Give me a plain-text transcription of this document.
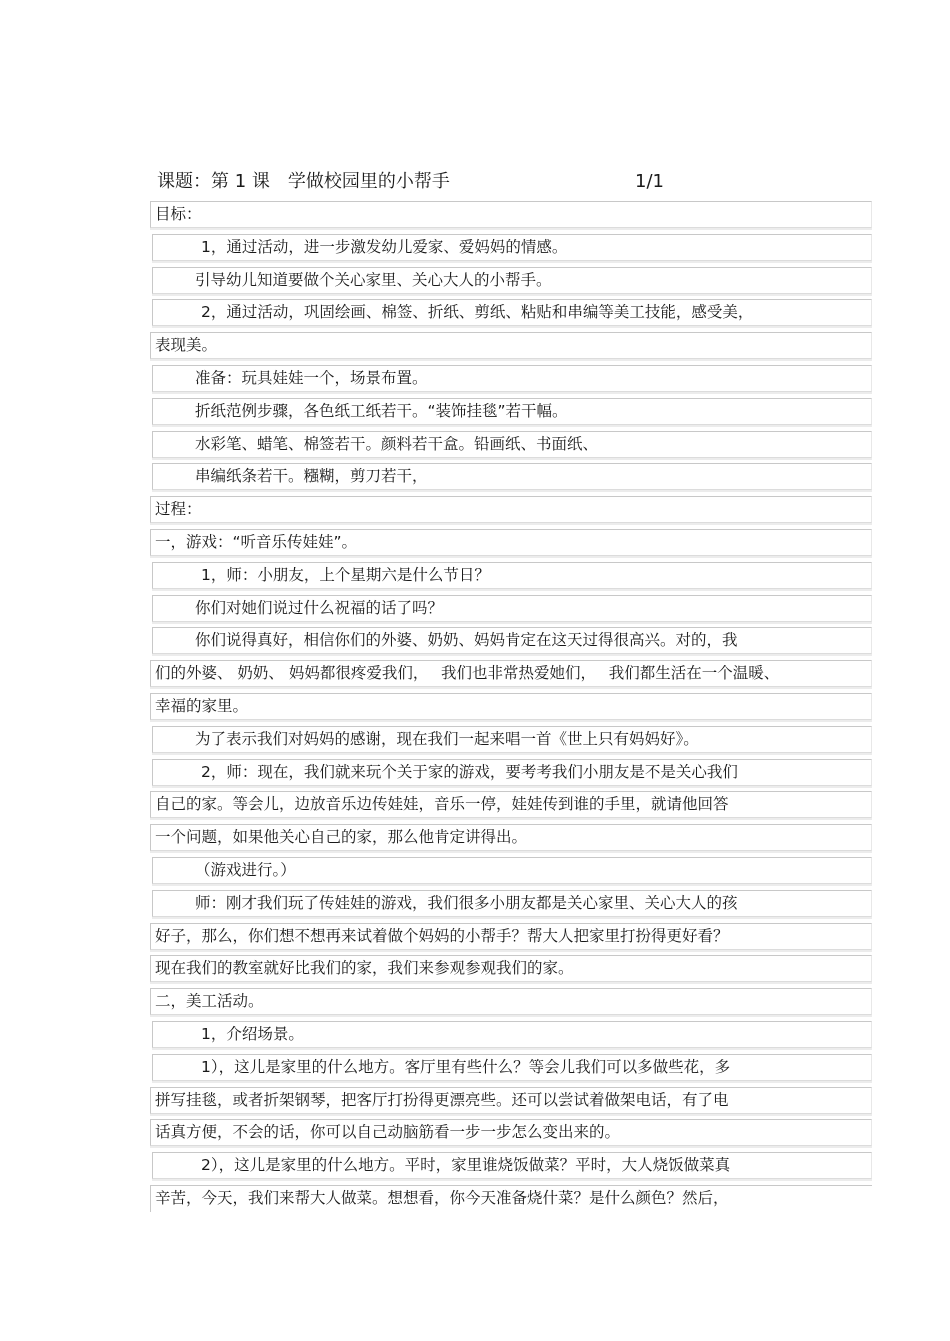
课题：第 1 课　学做校园里的小帮手	1/1
目标：
1，通过活动，进一步激发幼儿爱家、爱妈妈的情感。
引导幼儿知道要做个关心家里、关心大人的小帮手。
2，通过活动，巩固绘画、棉签、折纸、剪纸、粘贴和串编等美工技能，感受美，
表现美。
准备：玩具娃娃一个，场景布置。
折纸范例步骤，各色纸工纸若干。“装饰挂毯”若干幅。
水彩笔、蜡笔、棉签若干。颜料若干盒。铅画纸、书面纸、
串编纸条若干。糨糊，剪刀若干，
过程：
一，游戏：“听音乐传娃娃”。
1，师：小朋友，上个星期六是什么节日？
你们对她们说过什么祝福的话了吗？
你们说得真好，相信你们的外婆、奶奶、妈妈肯定在这天过得很高兴。对的，我
们的外婆、 奶奶、 妈妈都很疼爱我们，　 我们也非常热爱她们，　 我们都生活在一个温暖、
幸福的家里。
为了表示我们对妈妈的感谢，现在我们一起来唱一首《世上只有妈妈好》。
2，师：现在，我们就来玩个关于家的游戏，要考考我们小朋友是不是关心我们
自己的家。等会儿，边放音乐边传娃娃，音乐一停，娃娃传到谁的手里，就请他回答
一个问题，如果他关心自己的家，那么他肯定讲得出。
（游戏进行。）
师：刚才我们玩了传娃娃的游戏，我们很多小朋友都是关心家里、关心大人的孩
好子，那么，你们想不想再来试着做个妈妈的小帮手？帮大人把家里打扮得更好看？
现在我们的教室就好比我们的家，我们来参观参观我们的家。
二，美工活动。
1，介绍场景。
1），这儿是家里的什么地方。客厅里有些什么？等会儿我们可以多做些花，多
拼写挂毯，或者折架钢琴，把客厅打扮得更漂亮些。还可以尝试着做架电话，有了电
话真方便，不会的话，你可以自己动脑筋看一步一步怎么变出来的。
2），这儿是家里的什么地方。平时，家里谁烧饭做菜？平时，大人烧饭做菜真
辛苦，今天，我们来帮大人做菜。想想看，你今天准备烧什菜？是什么颜色？然后，
